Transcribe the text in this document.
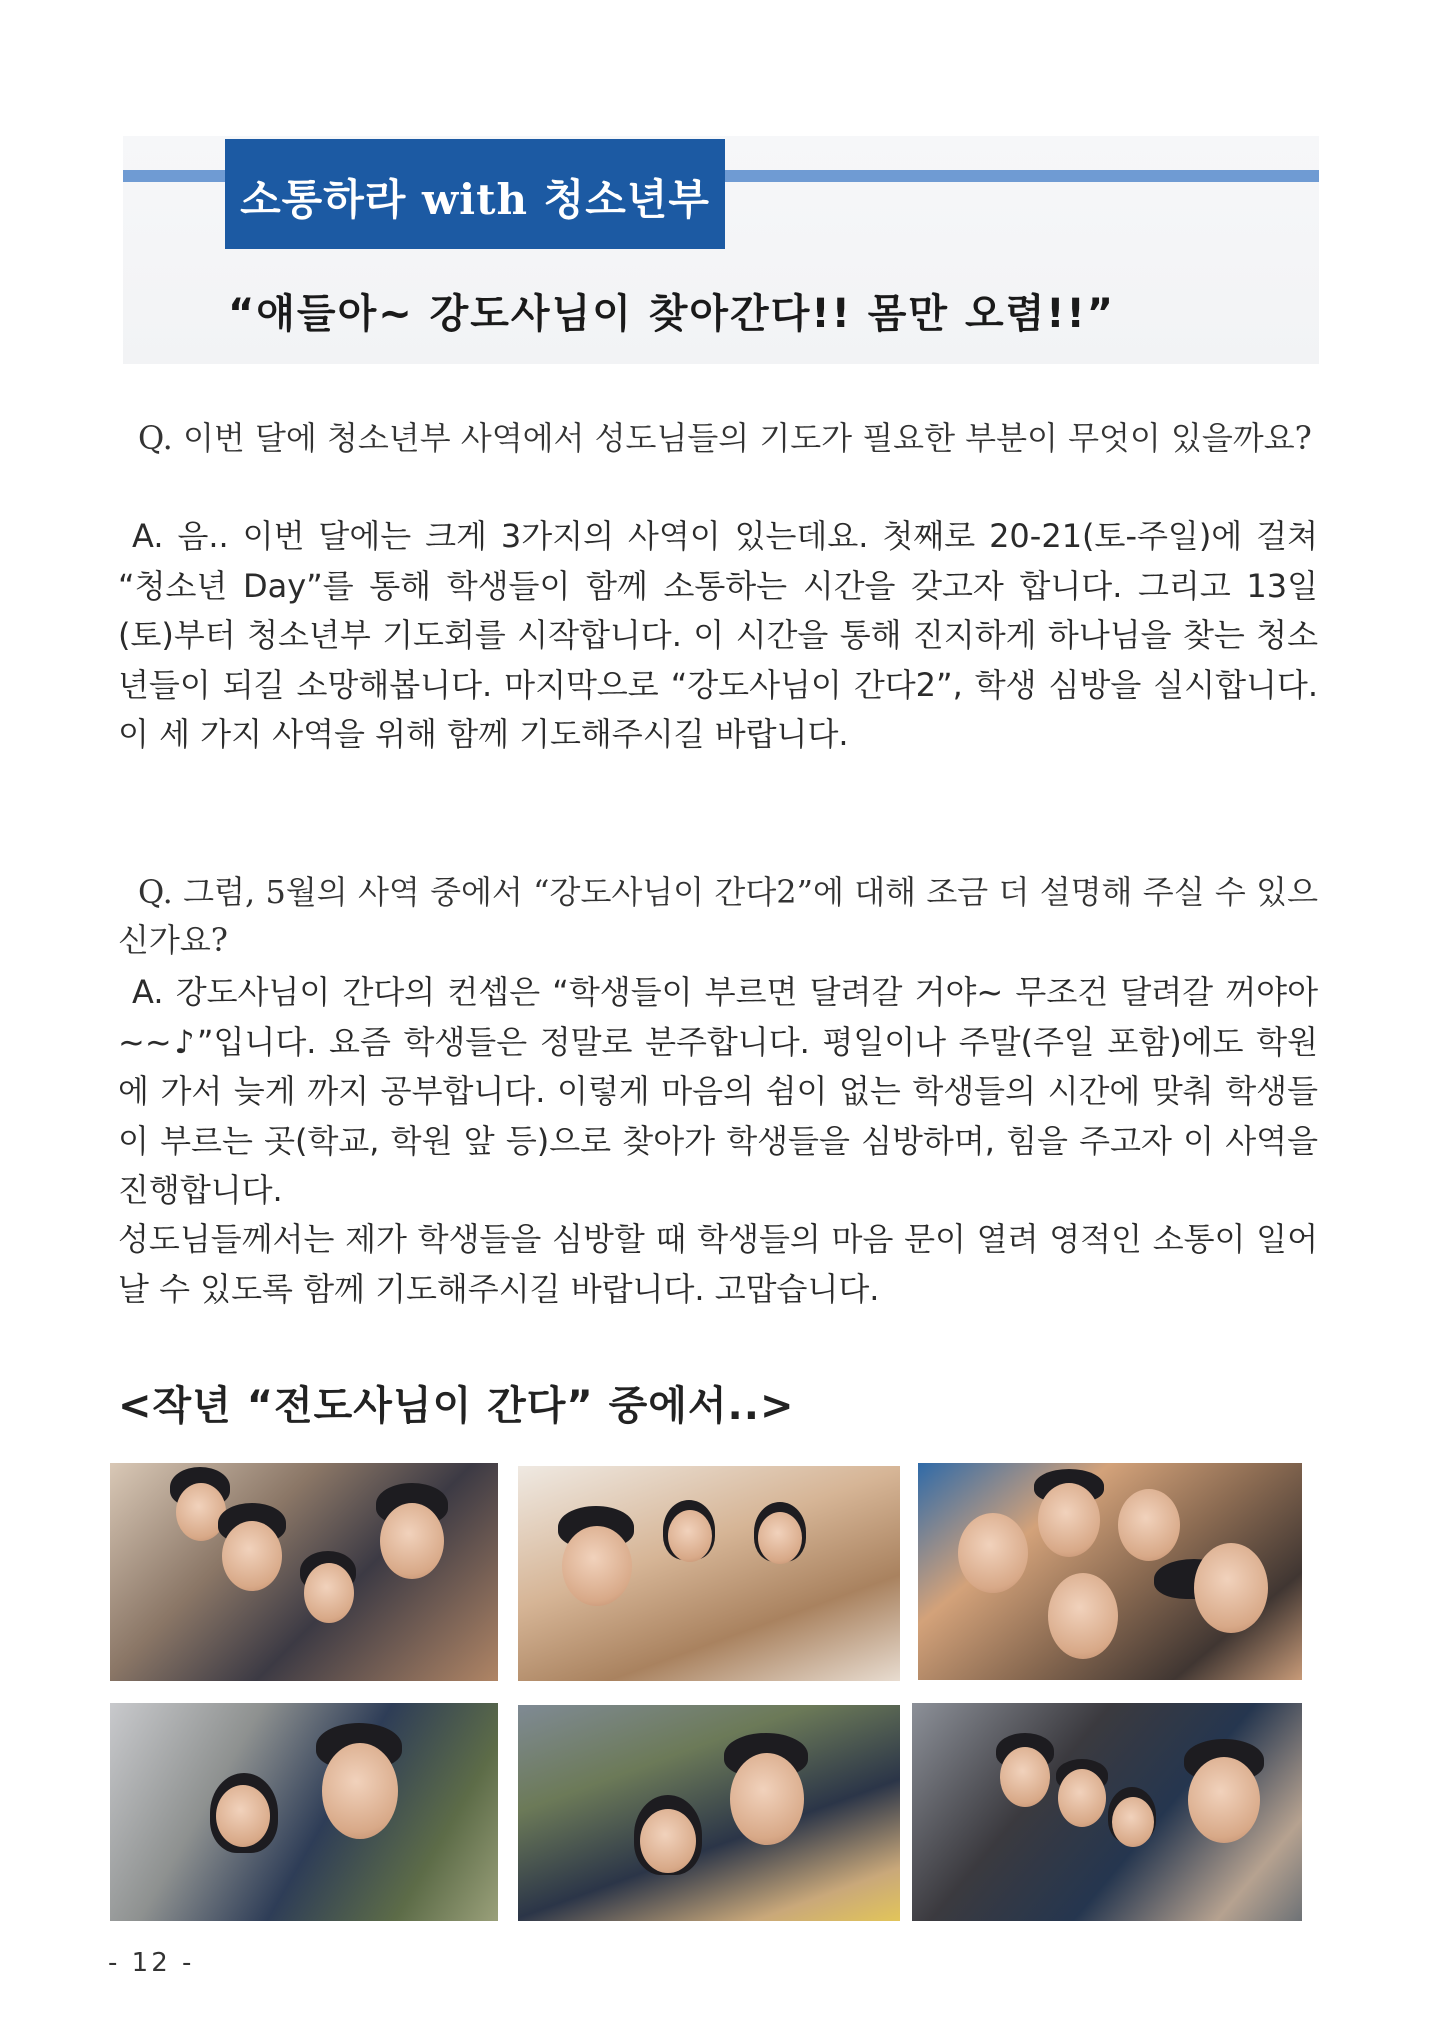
소통하라 with 청소년부
“얘들아~ 강도사님이 찾아간다!! 몸만 오렴!!”

Q. 이번 달에 청소년부 사역에서 성도님들의 기도가 필요한 부분이 무엇이 있을까요?

A. 음.. 이번 달에는 크게 3가지의 사역이 있는데요. 첫째로 20-21(토-주일)에 걸쳐 “청소년 Day”를 통해 학생들이 함께 소통하는 시간을 갖고자 합니다. 그리고 13일(토)부터 청소년부 기도회를 시작합니다. 이 시간을 통해 진지하게 하나님을 찾는 청소년들이 되길 소망해봅니다. 마지막으로 “강도사님이 간다2”, 학생 심방을 실시합니다. 이 세 가지 사역을 위해 함께 기도해주시길 바랍니다.

Q. 그럼, 5월의 사역 중에서 “강도사님이 간다2”에 대해 조금 더 설명해 주실 수 있으신가요?

A. 강도사님이 간다의 컨셉은 “학생들이 부르면 달려갈 거야~ 무조건 달려갈 꺼야아~~♪”입니다. 요즘 학생들은 정말로 분주합니다. 평일이나 주말(주일 포함)에도 학원에 가서 늦게 까지 공부합니다. 이렇게 마음의 쉼이 없는 학생들의 시간에 맞춰 학생들이 부르는 곳(학교, 학원 앞 등)으로 찾아가 학생들을 심방하며, 힘을 주고자 이 사역을 진행합니다.

성도님들께서는 제가 학생들을 심방할 때 학생들의 마음 문이 열려 영적인 소통이 일어날 수 있도록 함께 기도해주시길 바랍니다. 고맙습니다.

<작년 “전도사님이 간다” 중에서..>
- 12 -
